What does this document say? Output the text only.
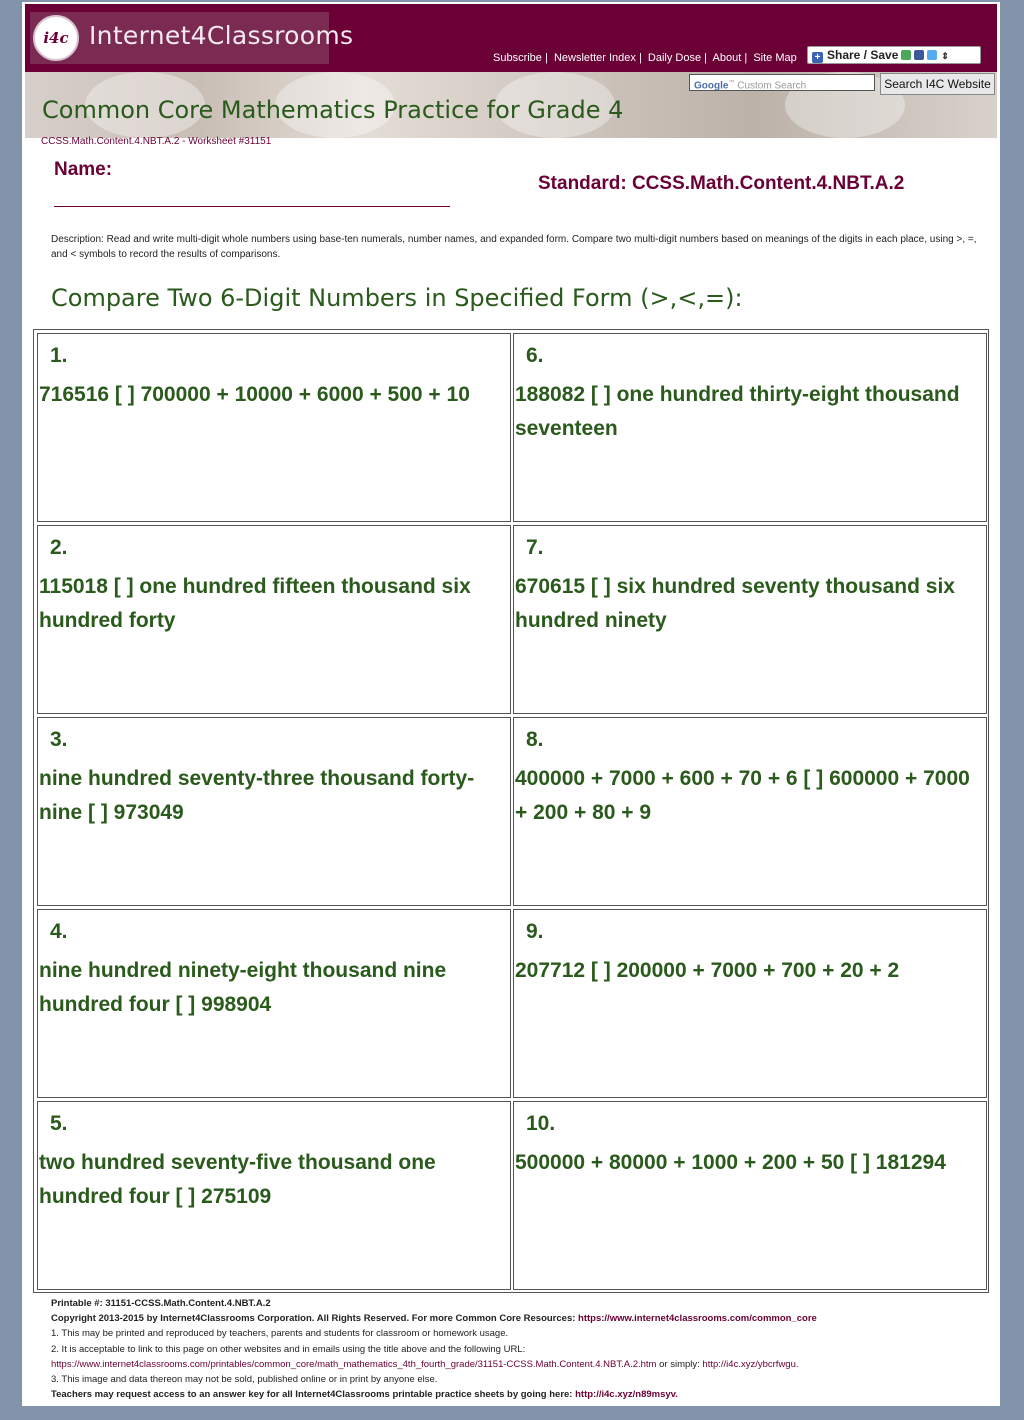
i4c Internet4Classrooms
Subscribe |  Newsletter Index |  Daily Dose |  About |  Site Map	+ Share / Save	⇕
Common Core Mathematics Practice for Grade 4
Google™ Custom Search	Search I4C Website
CCSS.Math.Content.4.NBT.A.2 - Worksheet #31151
Name:
Standard: CCSS.Math.Content.4.NBT.A.2
Description: Read and write multi-digit whole numbers using base-ten numerals, number names, and expanded form. Compare two multi-digit numbers based on meanings of the digits in each place, using >, =, and < symbols to record the results of comparisons.
Compare Two 6-Digit Numbers in Specified Form (>,<,=):
1.
716516 [ ] 700000 + 10000 + 6000 + 500 + 10
2.
115018 [ ] one hundred fifteen thousand six hundred forty
3.
nine hundred seventy-three thousand forty-nine [ ] 973049
4.
nine hundred ninety-eight thousand nine hundred four [ ] 998904
5.
two hundred seventy-five thousand one hundred four [ ] 275109
6.
188082 [ ] one hundred thirty-eight thousand seventeen
7.
670615 [ ] six hundred seventy thousand six hundred ninety
8.
400000 + 7000 + 600 + 70 + 6 [ ] 600000 + 7000 + 200 + 80 + 9
9.
207712 [ ] 200000 + 7000 + 700 + 20 + 2
10.
500000 + 80000 + 1000 + 200 + 50 [ ] 181294
Printable #: 31151-CCSS.Math.Content.4.NBT.A.2
Copyright 2013-2015 by Internet4Classrooms Corporation. All Rights Reserved. For more Common Core Resources: https://www.internet4classrooms.com/common_core
1. This may be printed and reproduced by teachers, parents and students for classroom or homework usage.
2. It is acceptable to link to this page on other websites and in emails using the title above and the following URL:
https://www.internet4classrooms.com/printables/common_core/math_mathematics_4th_fourth_grade/31151-CCSS.Math.Content.4.NBT.A.2.htm or simply: http://i4c.xyz/ybcrfwgu.
3. This image and data thereon may not be sold, published online or in print by anyone else.
Teachers may request access to an answer key for all Internet4Classrooms printable practice sheets by going here: http://i4c.xyz/n89msyv.
